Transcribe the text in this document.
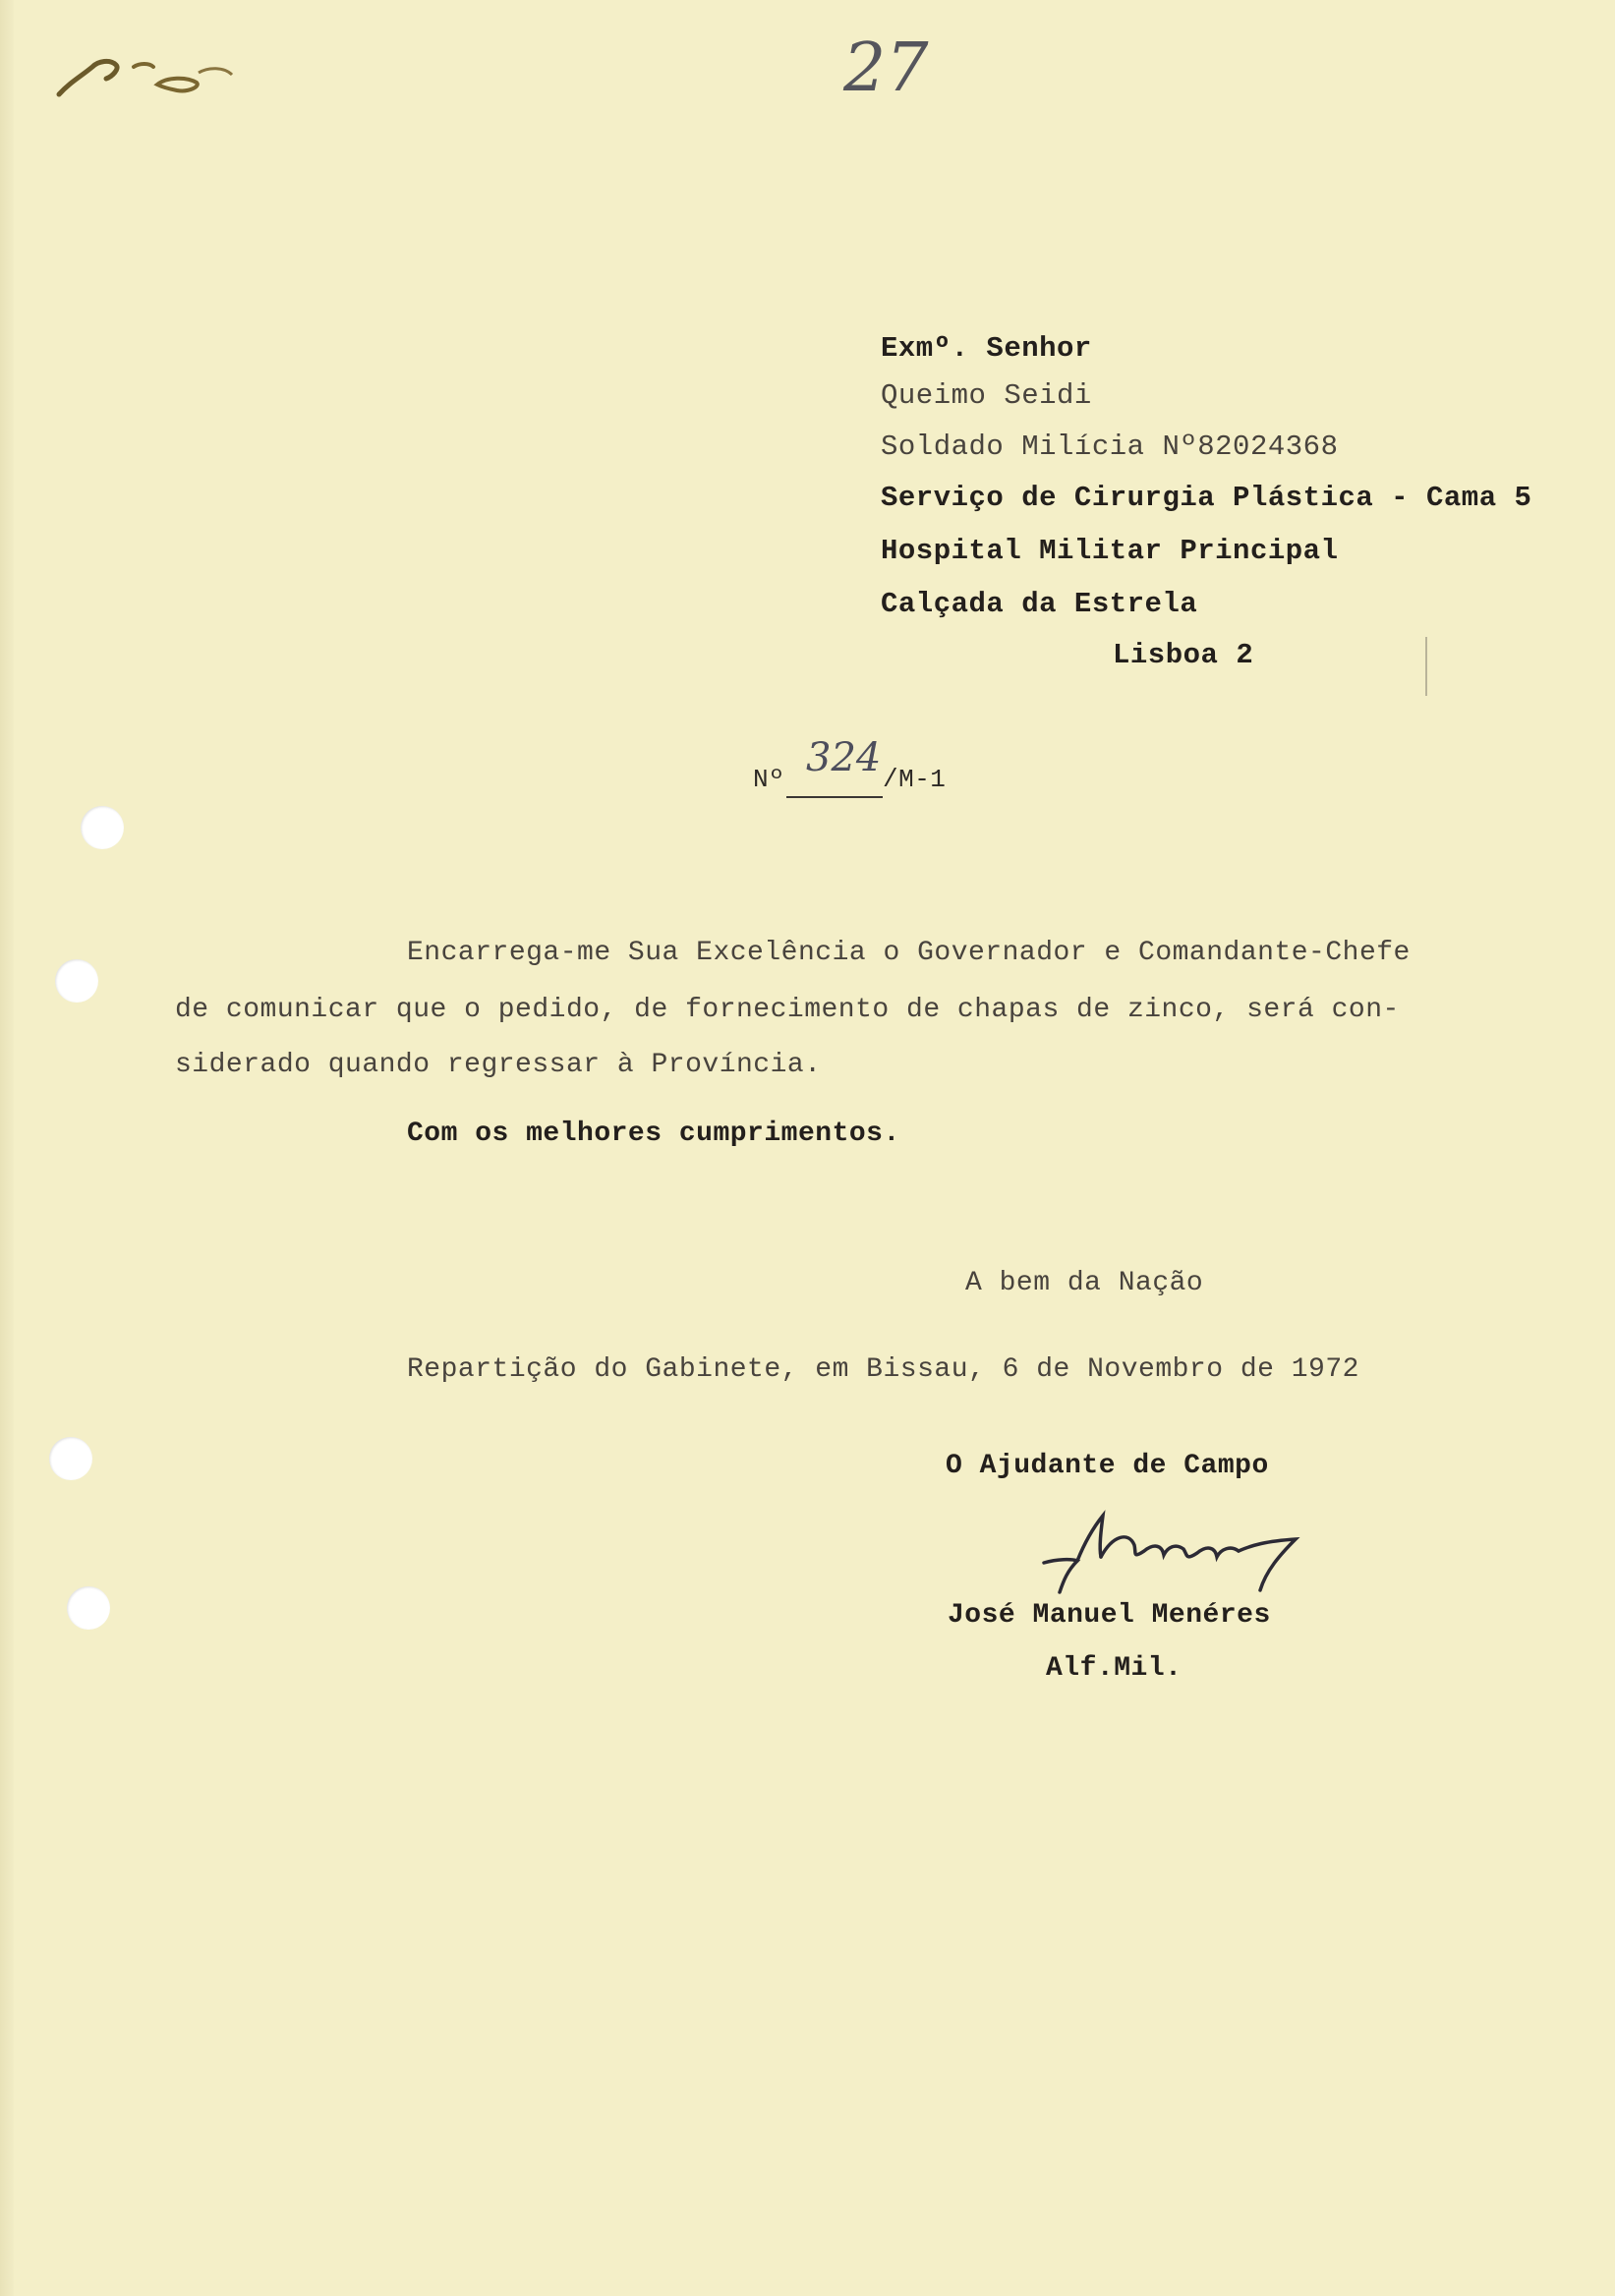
27
Exmº. Senhor
Queimo Seidi
Soldado Milícia Nº82024368
Serviço de Cirurgia Plástica - Cama 5
Hospital Militar Principal
Calçada da Estrela
Lisboa 2
Nº 324 /M-1
Encarrega-me Sua Excelência o Governador e Comandante-Chefe
de comunicar que o pedido, de fornecimento de chapas de zinco, será con-
siderado quando regressar à Província.
Com os melhores cumprimentos.
A bem da Nação
Repartição do Gabinete, em Bissau, 6 de Novembro de 1972
O Ajudante de Campo
José Manuel Menéres
Alf.Mil.
